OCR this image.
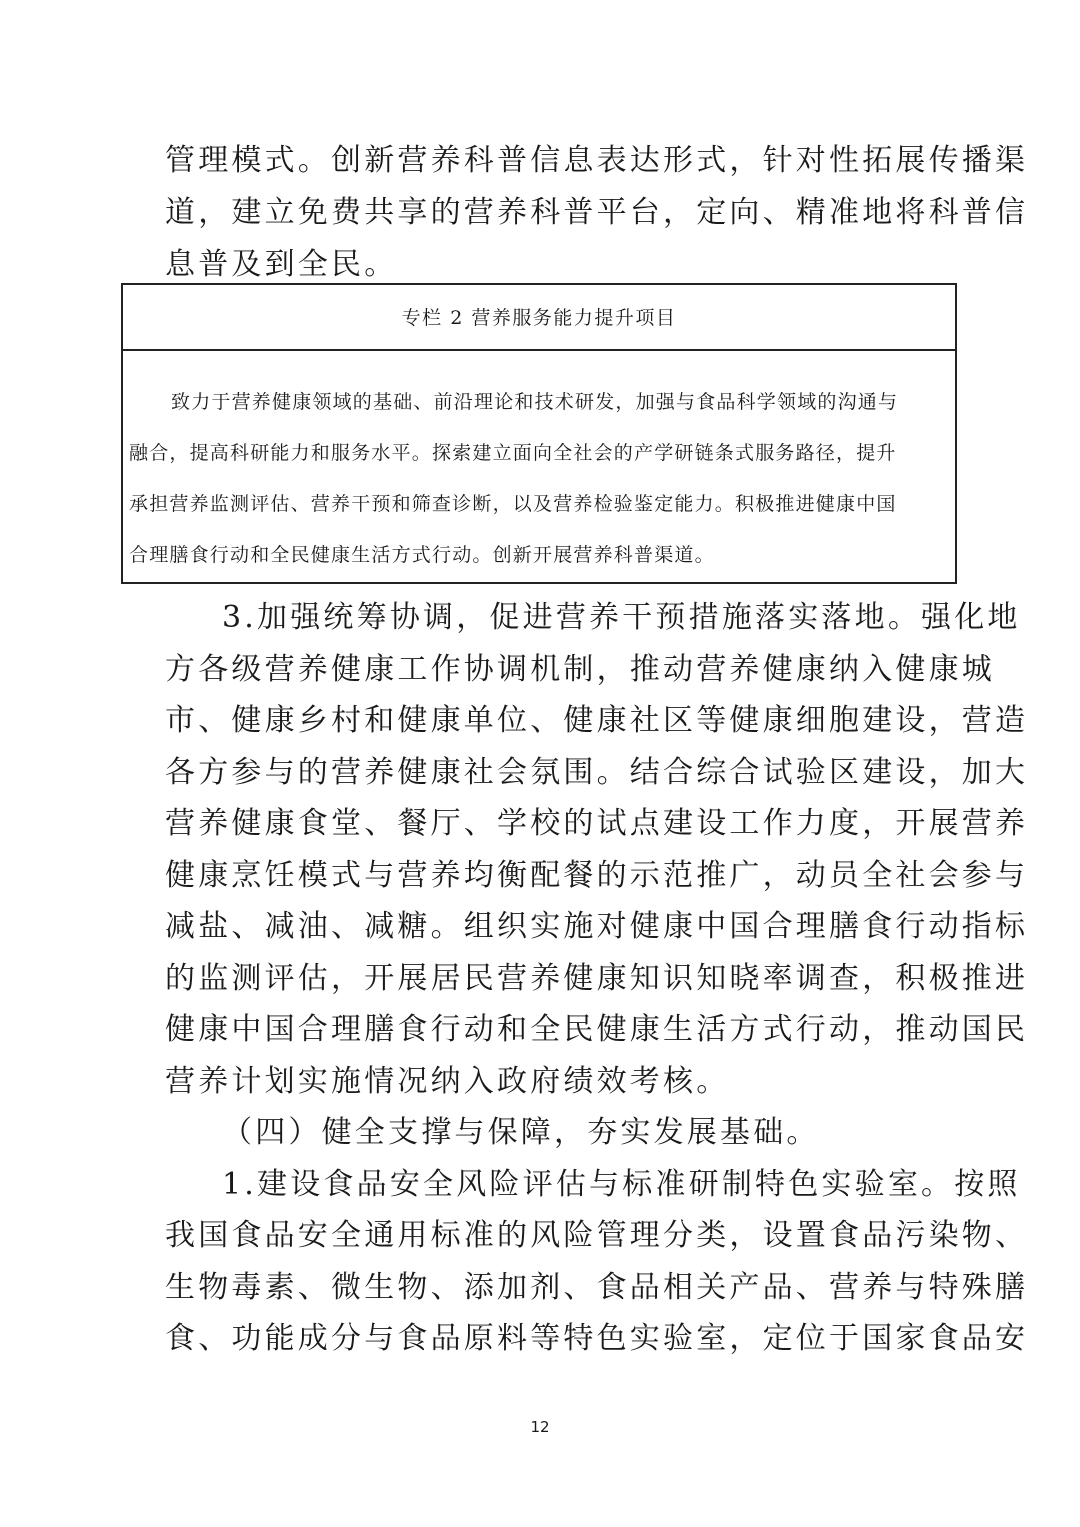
管理模式。创新营养科普信息表达形式，针对性拓展传播渠
道，建立免费共享的营养科普平台，定向、精准地将科普信
息普及到全民。
专栏 2 营养服务能力提升项目
致力于营养健康领域的基础、前沿理论和技术研发，加强与食品科学领域的沟通与
融合，提高科研能力和服务水平。探索建立面向全社会的产学研链条式服务路径，提升
承担营养监测评估、营养干预和筛查诊断，以及营养检验鉴定能力。积极推进健康中国
合理膳食行动和全民健康生活方式行动。创新开展营养科普渠道。
3.加强统筹协调，促进营养干预措施落实落地。强化地
方各级营养健康工作协调机制，推动营养健康纳入健康城
市、健康乡村和健康单位、健康社区等健康细胞建设，营造
各方参与的营养健康社会氛围。结合综合试验区建设，加大
营养健康食堂、餐厅、学校的试点建设工作力度，开展营养
健康烹饪模式与营养均衡配餐的示范推广，动员全社会参与
减盐、减油、减糖。组织实施对健康中国合理膳食行动指标
的监测评估，开展居民营养健康知识知晓率调查，积极推进
健康中国合理膳食行动和全民健康生活方式行动，推动国民
营养计划实施情况纳入政府绩效考核。
（四）健全支撑与保障，夯实发展基础。
1.建设食品安全风险评估与标准研制特色实验室。按照
我国食品安全通用标准的风险管理分类，设置食品污染物、
生物毒素、微生物、添加剂、食品相关产品、营养与特殊膳
食、功能成分与食品原料等特色实验室，定位于国家食品安
12
